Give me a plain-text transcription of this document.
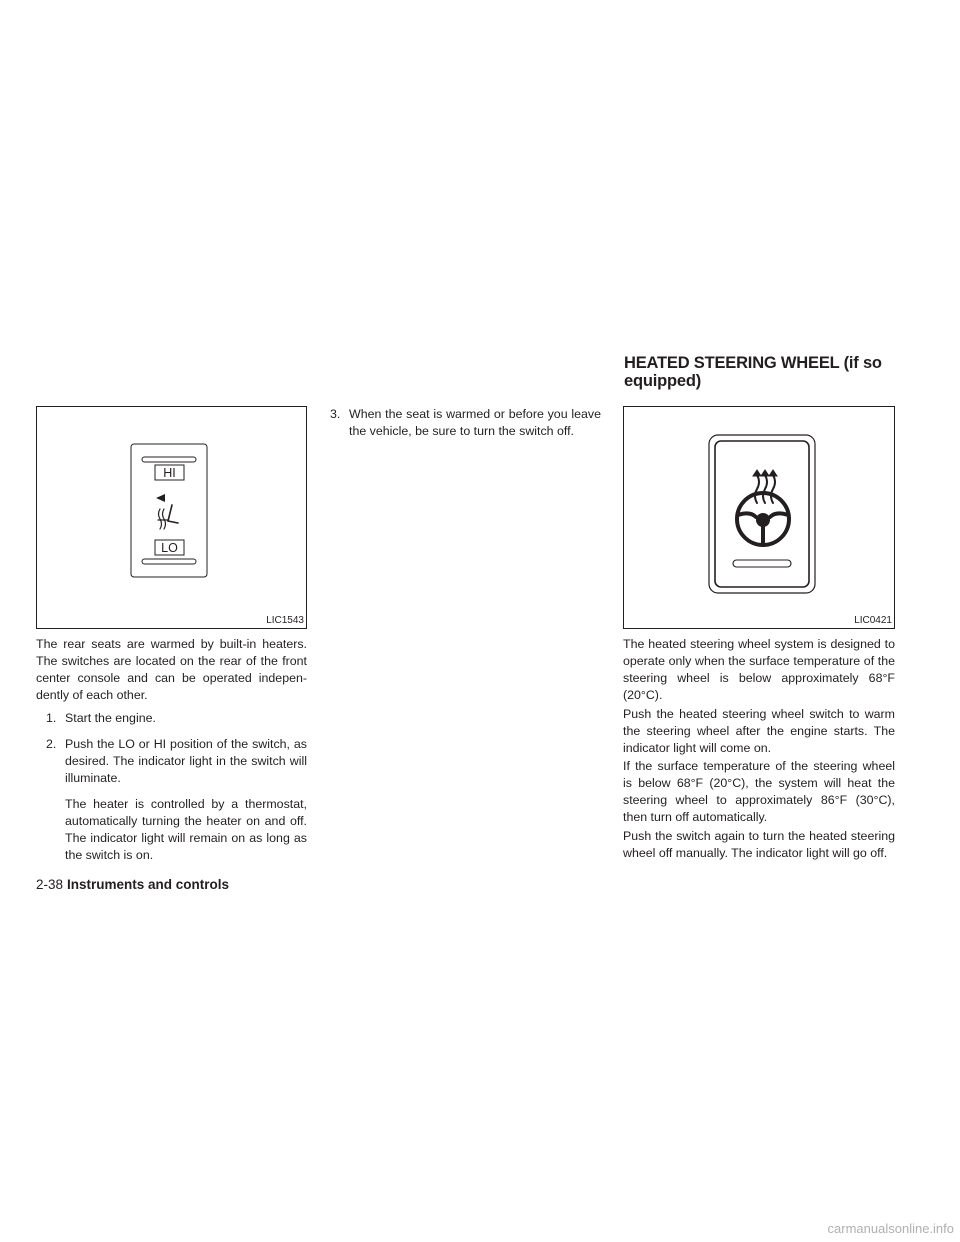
HI
LO
LIC1543

The rear seats are warmed by built-in heaters. The switches are located on the rear of the front center console and can be operated indepen-dently of each other.

1. Start the engine.
2. Push the LO or HI position of the switch, as desired. The indicator light in the switch will illuminate.

The heater is controlled by a thermostat, automatically turning the heater on and off. The indicator light will remain on as long as the switch is on.

3. When the seat is warmed or before you leave the vehicle, be sure to turn the switch off.
HEATED STEERING WHEEL (if so equipped)
LIC0421

The heated steering wheel system is designed to operate only when the surface temperature of the steering wheel is below approximately 68°F (20°C).

Push the heated steering wheel switch to warm the steering wheel after the engine starts. The indicator light will come on.

If the surface temperature of the steering wheel is below 68°F (20°C), the system will heat the steering wheel to approximately 86°F (30°C), then turn off automatically.

Push the switch again to turn the heated steering wheel off manually. The indicator light will go off.

2-38 Instruments and controls
carmanualsonline.info
